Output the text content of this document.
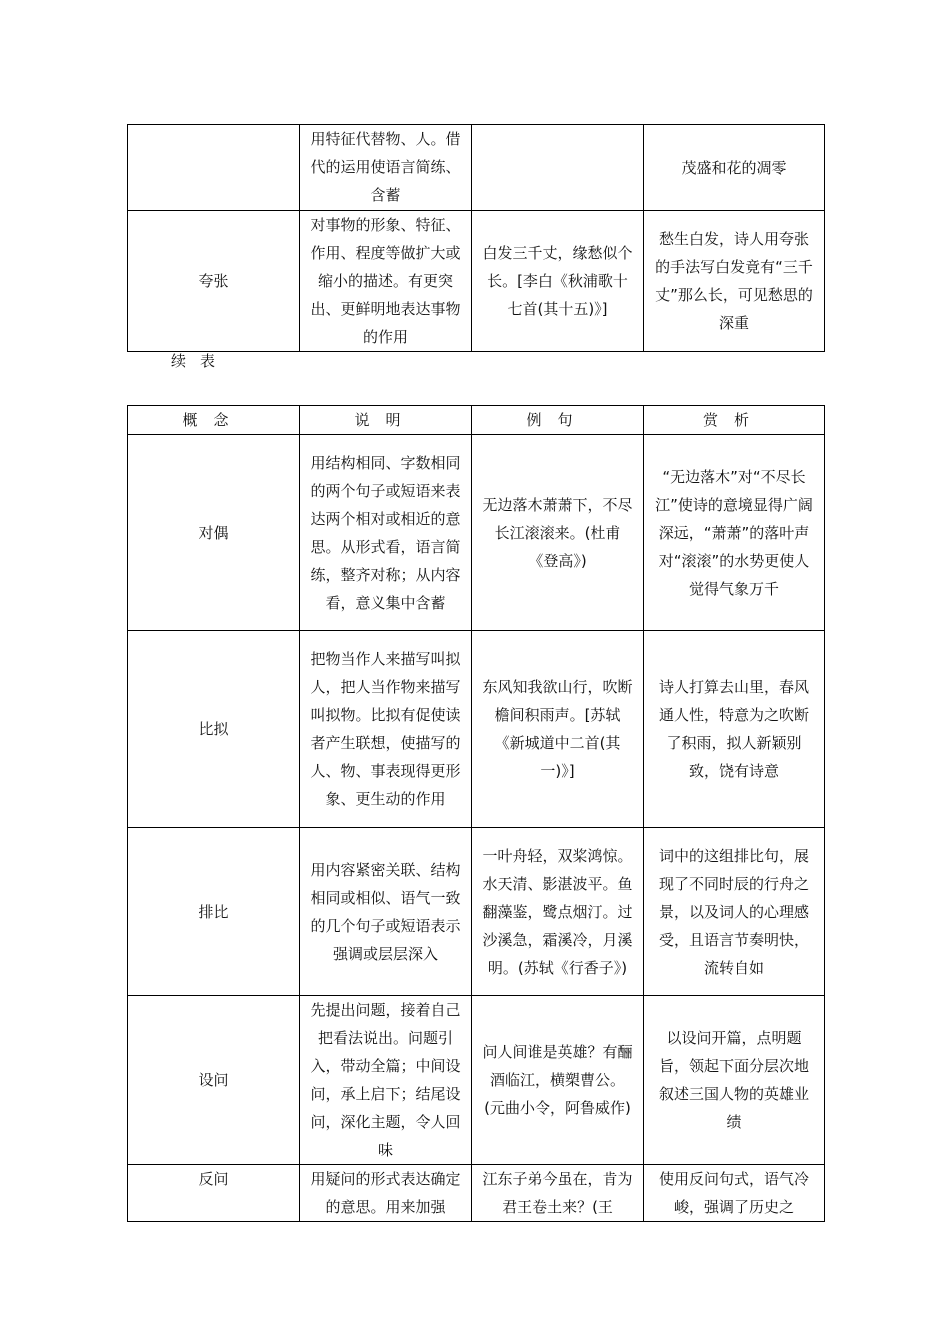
	用特征代替物、人。借代的运用使语言简练、含蓄		茂盛和花的凋零
夸张	对事物的形象、特征、作用、程度等做扩大或缩小的描述。有更突出、更鲜明地表达事物的作用	白发三千丈，缘愁似个长。[李白《秋浦歌十七首(其十五)》]	愁生白发，诗人用夸张的手法写白发竟有“三千丈”那么长，可见愁思的深重
续表
概念	说明	例句	赏析
对偶	用结构相同、字数相同的两个句子或短语来表达两个相对或相近的意思。从形式看，语言简练，整齐对称；从内容看，意义集中含蓄	无边落木萧萧下，不尽长江滚滚来。(杜甫《登高》)	“无边落木”对“不尽长江”使诗的意境显得广阔深远，“萧萧”的落叶声对“滚滚”的水势更使人觉得气象万千
比拟	把物当作人来描写叫拟人，把人当作物来描写叫拟物。比拟有促使读者产生联想，使描写的人、物、事表现得更形象、更生动的作用	东风知我欲山行，吹断檐间积雨声。[苏轼《新城道中二首(其一)》]	诗人打算去山里，春风通人性，特意为之吹断了积雨，拟人新颖别致，饶有诗意
排比	用内容紧密关联、结构相同或相似、语气一致的几个句子或短语表示强调或层层深入	一叶舟轻，双桨鸿惊。水天清、影湛波平。鱼翻藻鉴，鹭点烟汀。过沙溪急，霜溪冷，月溪明。(苏轼《行香子》)	词中的这组排比句，展现了不同时辰的行舟之景，以及词人的心理感受，且语言节奏明快，流转自如
设问	先提出问题，接着自己把看法说出。问题引入，带动全篇；中间设问，承上启下；结尾设问，深化主题，令人回味	问人间谁是英雄？有酾酒临江，横槊曹公。(元曲小令，阿鲁威作)	以设问开篇，点明题旨，领起下面分层次地叙述三国人物的英雄业绩
反问	用疑问的形式表达确定的意思。用来加强	江东子弟今虽在，肯为君王卷土来？(王	使用反问句式，语气冷峻，强调了历史之
